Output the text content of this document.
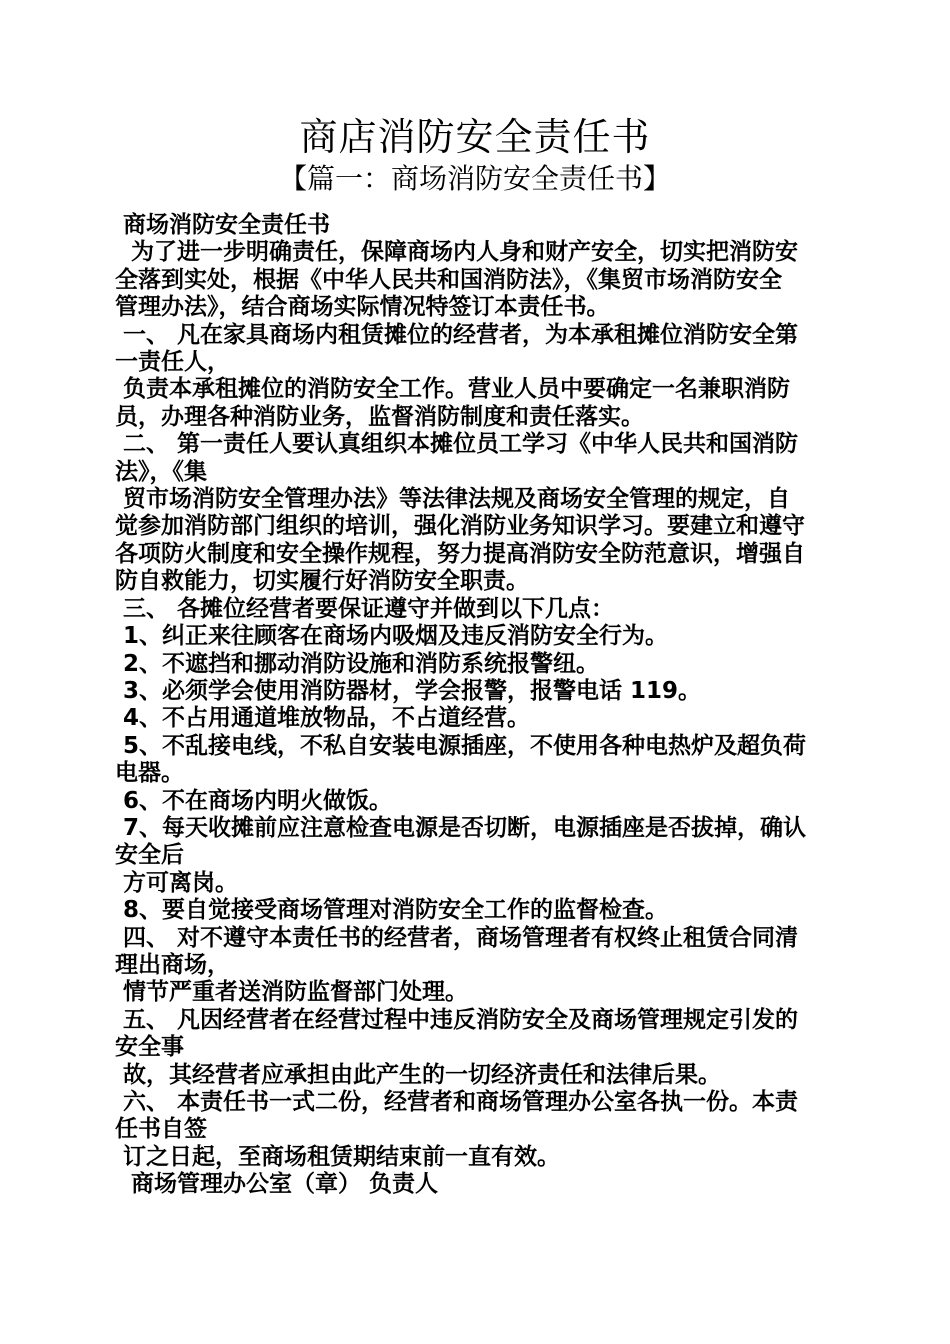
商店消防安全责任书
【篇一：商场消防安全责任书】
商场消防安全责任书
为了进一步明确责任，保障商场内人身和财产安全，切实把消防安
全落到实处，根据《中华人民共和国消防法》，《集贸市场消防安全
管理办法》，结合商场实际情况特签订本责任书。
一、 凡在家具商场内租赁摊位的经营者，为本承租摊位消防安全第
一责任人，
负责本承租摊位的消防安全工作。营业人员中要确定一名兼职消防
员，办理各种消防业务，监督消防制度和责任落实。
二、 第一责任人要认真组织本摊位员工学习《中华人民共和国消防
法》，《集
贸市场消防安全管理办法》等法律法规及商场安全管理的规定，自
觉参加消防部门组织的培训，强化消防业务知识学习。要建立和遵守
各项防火制度和安全操作规程，努力提高消防安全防范意识，增强自
防自救能力，切实履行好消防安全职责。
三、 各摊位经营者要保证遵守并做到以下几点：
1、纠正来往顾客在商场内吸烟及违反消防安全行为。
2、不遮挡和挪动消防设施和消防系统报警纽。
3、必须学会使用消防器材，学会报警，报警电话 119。
4、不占用通道堆放物品，不占道经营。
5、不乱接电线，不私自安装电源插座，不使用各种电热炉及超负荷
电器。
6、不在商场内明火做饭。
7、每天收摊前应注意检查电源是否切断，电源插座是否拔掉，确认
安全后
方可离岗。
8、要自觉接受商场管理对消防安全工作的监督检查。
四、 对不遵守本责任书的经营者，商场管理者有权终止租赁合同清
理出商场，
情节严重者送消防监督部门处理。
五、 凡因经营者在经营过程中违反消防安全及商场管理规定引发的
安全事
故，其经营者应承担由此产生的一切经济责任和法律后果。
六、 本责任书一式二份，经营者和商场管理办公室各执一份。本责
任书自签
订之日起，至商场租赁期结束前一直有效。
商场管理办公室（章） 负责人
